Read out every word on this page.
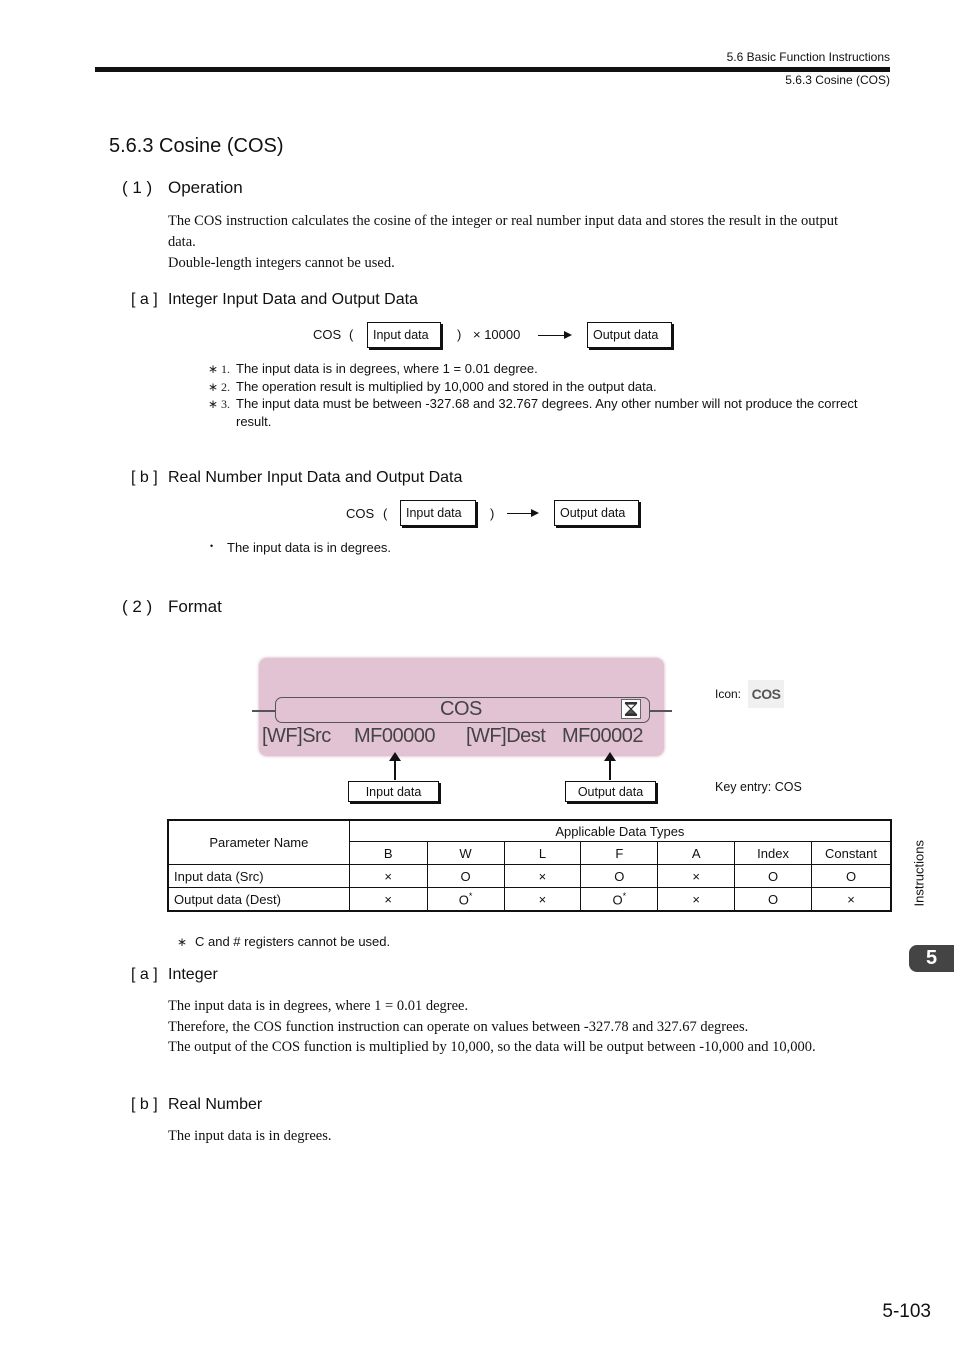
5.6 Basic Function Instructions
5.6.3 Cosine (COS)
5.6.3 Cosine (COS)
( 1 ) Operation
The COS instruction calculates the cosine of the integer or real number input data and stores the result in the output
data.
Double-length integers cannot be used.
[ a ] Integer Input Data and Output Data
COS ( Input data ) × 10000	Output data
∗ 1. The input data is in degrees, where 1 = 0.01 degree.
∗ 2. The operation result is multiplied by 10,000 and stored in the output data.
∗ 3. The input data must be between -327.68 and 32.767 degrees. Any other number will not produce the correct
result.
[ b ] Real Number Input Data and Output Data
COS ( Input data )	Output data
• The input data is in degrees.
( 2 ) Format
COS
[WF]Src MF00000 [WF]Dest MF00002
Input data	Output data
Icon: COS
Key entry: COS
Parameter Name	Applicable Data Types						
	B	W	L	F	A	Index	Constant
Input data (Src)	×	O	×	O	×	O	O
Output data (Dest)	×	O*	×	O*	×	O	×
∗ C and # registers cannot be used.
[ a ] Integer
The input data is in degrees, where 1 = 0.01 degree.
Therefore, the COS function instruction can operate on values between -327.78 and 327.67 degrees.
The output of the COS function is multiplied by 10,000, so the data will be output between -10,000 and 10,000.
[ b ] Real Number
The input data is in degrees.
Instructions
5
5-103
